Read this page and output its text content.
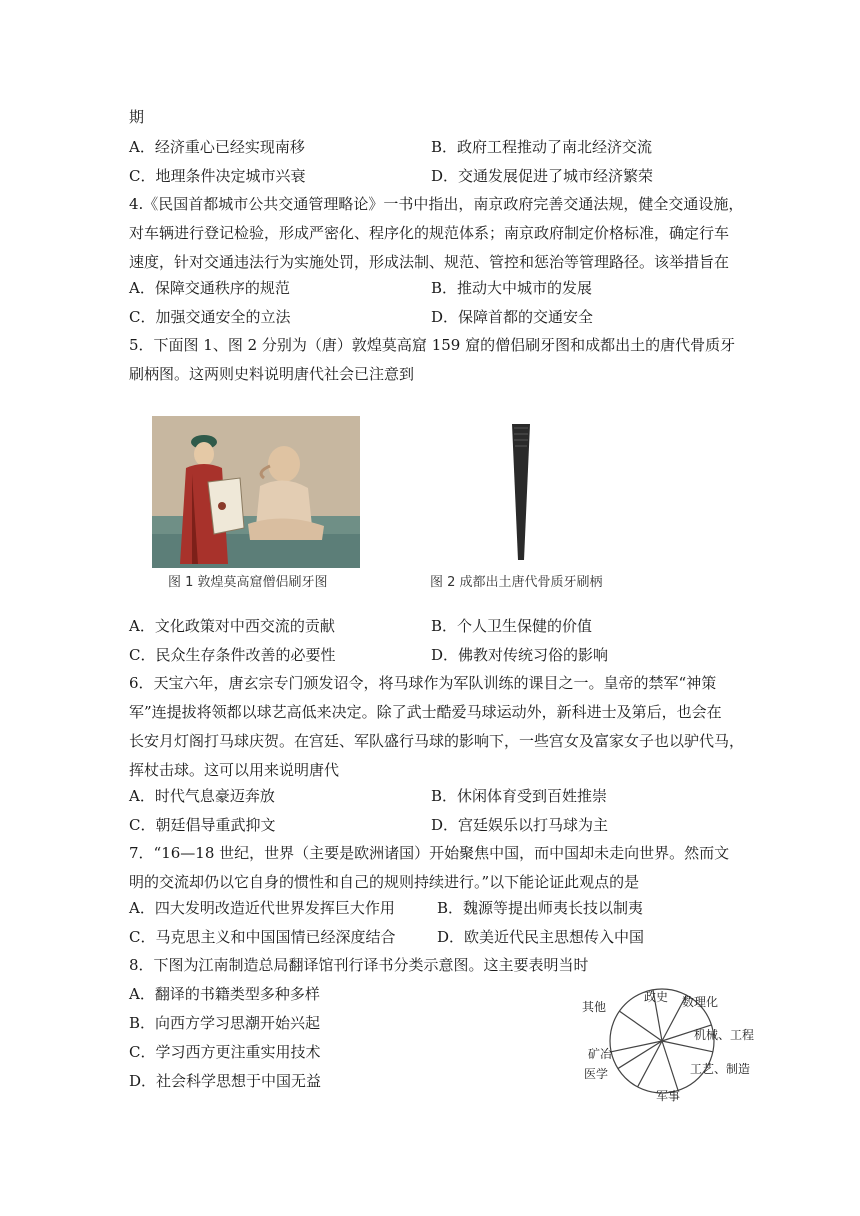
期
A．经济重心已经实现南移	B．政府工程推动了南北经济交流
C．地理条件决定城市兴衰	D．交通发展促进了城市经济繁荣
4.《民国首都城市公共交通管理略论》一书中指出，南京政府完善交通法规，健全交通设施，
对车辆进行登记检验，形成严密化、程序化的规范体系；南京政府制定价格标准，确定行车
速度，针对交通违法行为实施处罚，形成法制、规范、管控和惩治等管理路径。该举措旨在
A．保障交通秩序的规范	B．推动大中城市的发展
C．加强交通安全的立法	D．保障首都的交通安全
5．下面图 1、图 2 分别为（唐）敦煌莫高窟 159 窟的僧侣刷牙图和成都出土的唐代骨质牙
刷柄图。这两则史料说明唐代社会已注意到
图 1 敦煌莫高窟僧侣刷牙图	图 2 成都出土唐代骨质牙刷柄
A．文化政策对中西交流的贡献	B．个人卫生保健的价值
C．民众生存条件改善的必要性	D．佛教对传统习俗的影响
6．天宝六年，唐玄宗专门颁发诏令，将马球作为军队训练的课目之一。皇帝的禁军“神策
军”连提拔将领都以球艺高低来决定。除了武士酷爱马球运动外，新科进士及第后，也会在
长安月灯阁打马球庆贺。在宫廷、军队盛行马球的影响下，一些宫女及富家女子也以驴代马，
挥杖击球。这可以用来说明唐代
A．时代气息豪迈奔放	B．休闲体育受到百姓推崇
C．朝廷倡导重武抑文	D．宫廷娱乐以打马球为主
7．“16—18 世纪，世界（主要是欧洲诸国）开始聚焦中国，而中国却未走向世界。然而文
明的交流却仍以它自身的惯性和自己的规则持续进行。”以下能论证此观点的是
A．四大发明改造近代世界发挥巨大作用	B．魏源等提出师夷长技以制夷
C．马克思主义和中国国情已经深度结合	D．欧美近代民主思想传入中国
8．下图为江南制造总局翻译馆刊行译书分类示意图。这主要表明当时
A．翻译的书籍类型多种多样
B．向西方学习思潮开始兴起
C．学习西方更注重实用技术
D．社会科学思想于中国无益
政史 数理化
机械、工程
工艺、制造
军事
医学
矿冶
其他
